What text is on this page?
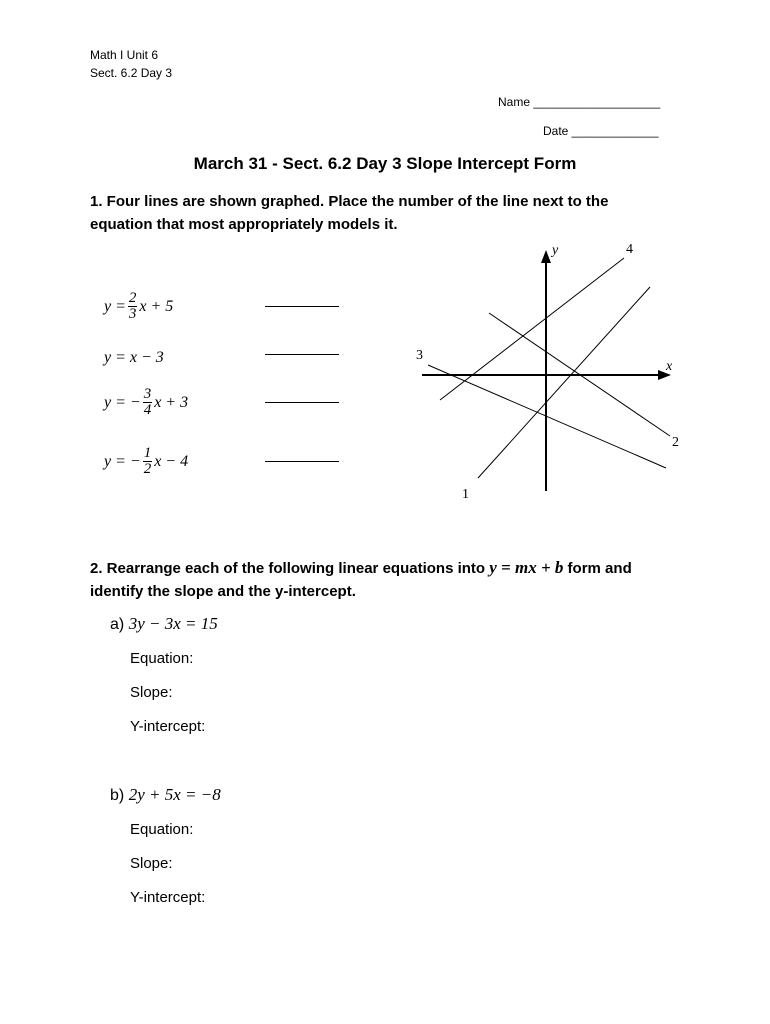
Math I Unit 6
Sect. 6.2 Day 3
Name ___________________
Date _____________
March 31 - Sect. 6.2 Day 3 Slope Intercept Form
1. Four lines are shown graphed. Place the number of the line next to the
equation that most appropriately models it.
$y = \frac{2}{3}$ x + 5
y = x − 3
y = − $\frac{3}{4}$ x + 3
y = − $\frac{1}{2}$ x − 4
y
x
1
2
3
4
2. Rearrange each of the following linear equations into y = mx + b form and
identify the slope and the y-intercept.
a) 3y − 3x = 15
Equation:
Slope:
Y-intercept:
b) 2y + 5x = −8
Equation:
Slope:
Y-intercept:
